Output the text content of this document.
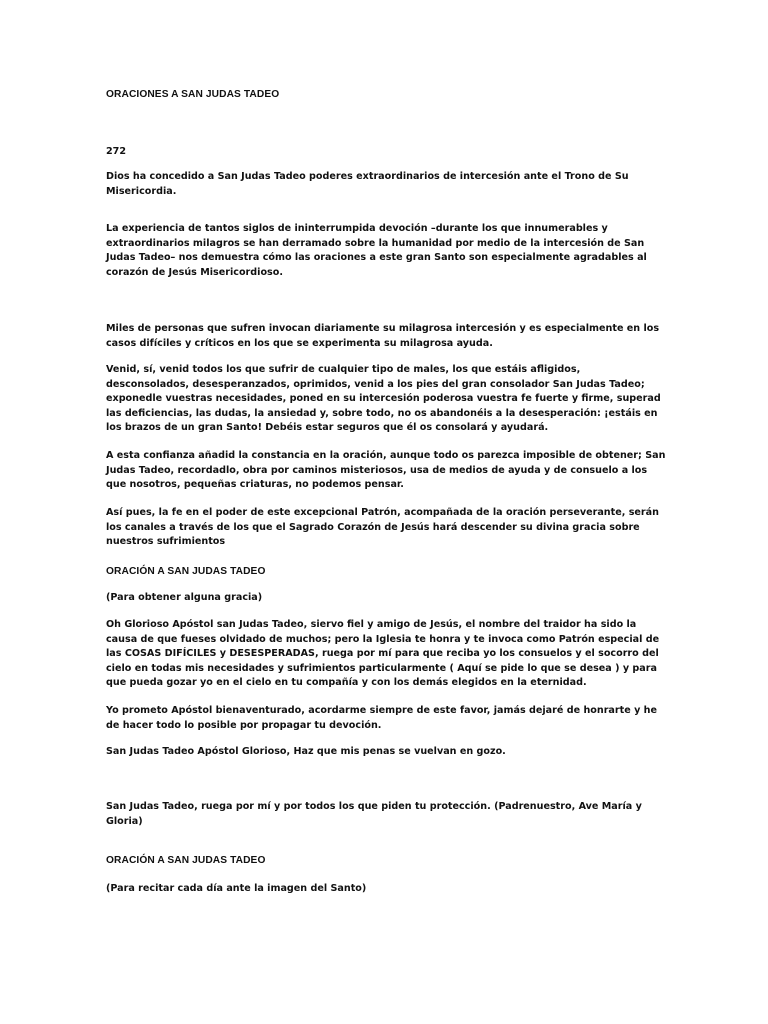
ORACIONES A SAN JUDAS TADEO
272
Dios ha concedido a San Judas Tadeo poderes extraordinarios de intercesión ante el Trono de Su Misericordia.
La experiencia de tantos siglos de ininterrumpida devoción –durante los que innumerables y extraordinarios milagros se han derramado sobre la humanidad por medio de la intercesión de San Judas Tadeo– nos demuestra cómo las oraciones a este gran Santo son especialmente agradables al corazón de Jesús Misericordioso.
Miles de personas que sufren invocan diariamente su milagrosa intercesión y es especialmente en los casos difíciles y críticos en los que se experimenta su milagrosa ayuda.
Venid, sí, venid todos los que sufrir de cualquier tipo de males, los que estáis afligidos, desconsolados, desesperanzados, oprimidos, venid a los pies del gran consolador San Judas Tadeo; exponedle vuestras necesidades, poned en su intercesión poderosa vuestra fe fuerte y firme, superad las deficiencias, las dudas, la ansiedad y, sobre todo, no os abandonéis a la desesperación: ¡estáis en los brazos de un gran Santo! Debéis estar seguros que él os consolará y ayudará.
A esta confianza añadid la constancia en la oración, aunque todo os parezca imposible de obtener; San Judas Tadeo, recordadlo, obra por caminos misteriosos, usa de medios de ayuda y de consuelo a los que nosotros, pequeñas criaturas, no podemos pensar.
Así pues, la fe en el poder de este excepcional Patrón, acompañada de la oración perseverante, serán los canales a través de los que el Sagrado Corazón de Jesús hará descender su divina gracia sobre nuestros sufrimientos
ORACIÓN A SAN JUDAS TADEO
(Para obtener alguna gracia)
Oh Glorioso Apóstol san Judas Tadeo, siervo fiel y amigo de Jesús, el nombre del traidor ha sido la causa de que fueses olvidado de muchos; pero la Iglesia te honra y te invoca como Patrón especial de las COSAS DIFÍCILES y DESESPERADAS, ruega por mí para que reciba yo los consuelos y el socorro del cielo en todas mis necesidades y sufrimientos particularmente ( Aquí se pide lo que se desea ) y para que pueda gozar yo en el cielo en tu compañía y con los demás elegidos en la eternidad.
Yo prometo Apóstol bienaventurado, acordarme siempre de este favor, jamás dejaré de honrarte y he de hacer todo lo posible por propagar tu devoción.
San Judas Tadeo Apóstol Glorioso, Haz que mis penas se vuelvan en gozo.
San Judas Tadeo, ruega por mí y por todos los que piden tu protección. (Padrenuestro, Ave María y Gloria)
ORACIÓN A SAN JUDAS TADEO
(Para recitar cada día ante la imagen del Santo)
